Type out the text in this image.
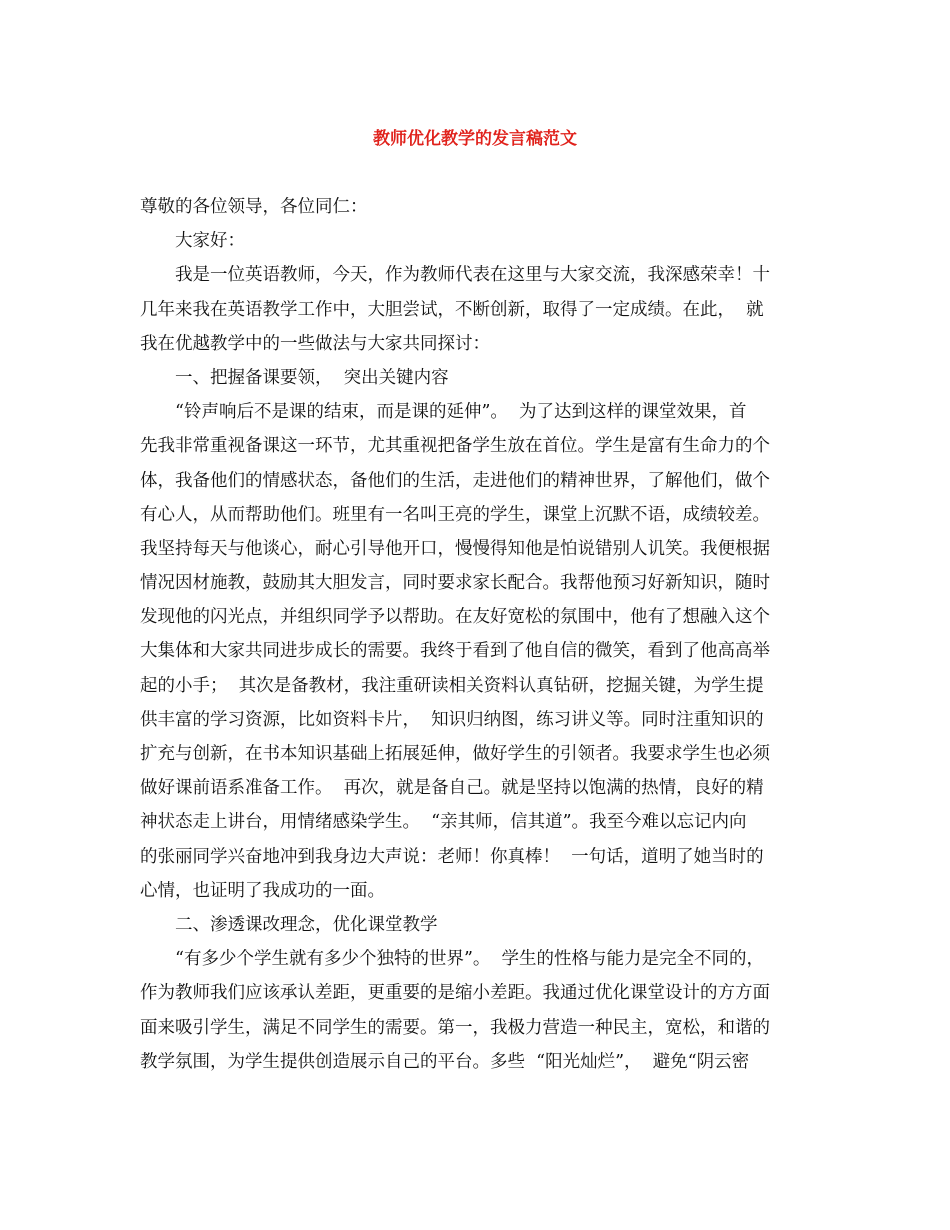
教师优化教学的发言稿范文
尊敬的各位领导，各位同仁：
大家好：
我是一位英语教师，今天，作为教师代表在这里与大家交流，我深感荣幸！十
几年来我在英语教学工作中，大胆尝试，不断创新，取得了一定成绩。在此，  就
我在优越教学中的一些做法与大家共同探讨：
一、把握备课要领，  突出关键内容
“铃声响后不是课的结束，而是课的延伸”。  为了达到这样的课堂效果，首
先我非常重视备课这一环节，尤其重视把备学生放在首位。学生是富有生命力的个
体，我备他们的情感状态，备他们的生活，走进他们的精神世界，了解他们，做个
有心人，从而帮助他们。班里有一名叫王亮的学生，课堂上沉默不语，成绩较差。
我坚持每天与他谈心，耐心引导他开口，慢慢得知他是怕说错别人讥笑。我便根据
情况因材施教，鼓励其大胆发言，同时要求家长配合。我帮他预习好新知识，随时
发现他的闪光点，并组织同学予以帮助。在友好宽松的氛围中，他有了想融入这个
大集体和大家共同进步成长的需要。我终于看到了他自信的微笑，看到了他高高举
起的小手；  其次是备教材，我注重研读相关资料认真钻研，挖掘关键，为学生提
供丰富的学习资源，比如资料卡片，  知识归纳图，练习讲义等。同时注重知识的
扩充与创新，在书本知识基础上拓展延伸，做好学生的引领者。我要求学生也必须
做好课前语系准备工作。  再次，就是备自己。就是坚持以饱满的热情，良好的精
神状态走上讲台，用情绪感染学生。  “亲其师，信其道”。我至今难以忘记内向
的张丽同学兴奋地冲到我身边大声说：老师！你真棒！  一句话，道明了她当时的
心情，也证明了我成功的一面。
二、渗透课改理念，优化课堂教学
“有多少个学生就有多少个独特的世界”。  学生的性格与能力是完全不同的，
作为教师我们应该承认差距，更重要的是缩小差距。我通过优化课堂设计的方方面
面来吸引学生，满足不同学生的需要。第一，我极力营造一种民主，宽松，和谐的
教学氛围，为学生提供创造展示自己的平台。多些  “阳光灿烂”，  避免“阴云密
